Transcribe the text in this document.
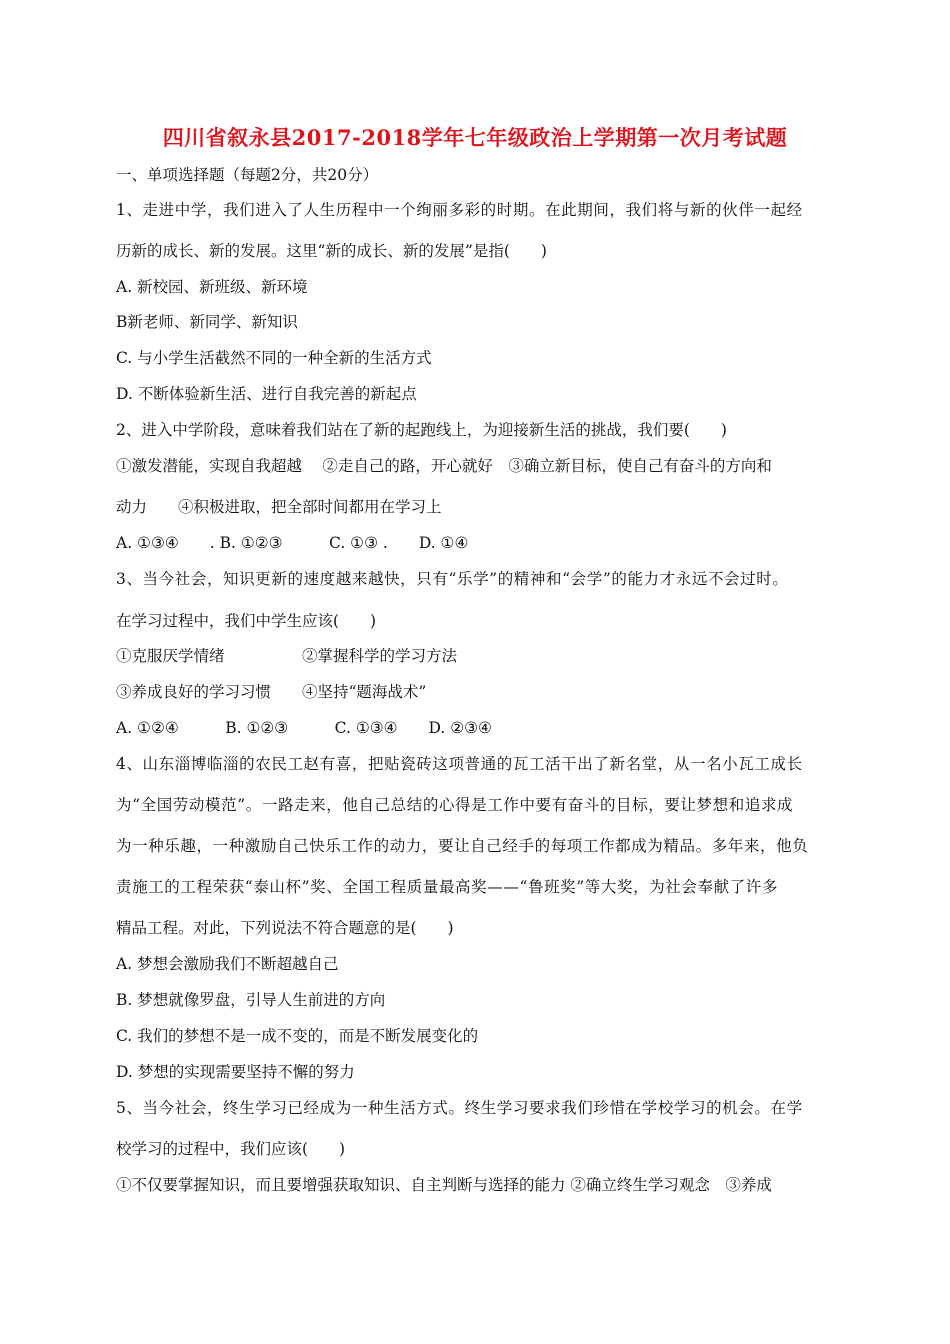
四川省叙永县2017-2018学年七年级政治上学期第一次月考试题
一、单项选择题（每题2分，共20分）
1、走进中学，我们进入了人生历程中一个绚丽多彩的时期。在此期间，我们将与新的伙伴一起经
历新的成长、新的发展。这里“新的成长、新的发展”是指(　　)
A. 新校园、新班级、新环境
B新老师、新同学、新知识
C. 与小学生活截然不同的一种全新的生活方式
D. 不断体验新生活、进行自我完善的新起点
2、进入中学阶段，意味着我们站在了新的起跑线上，为迎接新生活的挑战，我们要(　　)
①激发潜能，实现自我超越　 ②走自己的路，开心就好　③确立新目标，使自己有奋斗的方向和
动力　　④积极进取，把全部时间都用在学习上
A. ①③④　　. B. ①②③　　　C. ①③ .　　D. ①④
3、当今社会，知识更新的速度越来越快，只有“乐学”的精神和“会学”的能力才永远不会过时。
在学习过程中，我们中学生应该(　　)
①克服厌学情绪　　　　　②掌握科学的学习方法
③养成良好的学习习惯　　④坚持“题海战术”
A. ①②④　　　B. ①②③　　　C. ①③④　　D. ②③④
4、山东淄博临淄的农民工赵有喜，把贴瓷砖这项普通的瓦工活干出了新名堂，从一名小瓦工成长
为“全国劳动模范”。一路走来，他自己总结的心得是工作中要有奋斗的目标，要让梦想和追求成
为一种乐趣，一种激励自己快乐工作的动力，要让自己经手的每项工作都成为精品。多年来，他负
责施工的工程荣获“泰山杯”奖、全国工程质量最高奖——“鲁班奖”等大奖，为社会奉献了许多
精品工程。对此，下列说法不符合题意的是(　　)
A. 梦想会激励我们不断超越自己
B. 梦想就像罗盘，引导人生前进的方向
C. 我们的梦想不是一成不变的，而是不断发展变化的
D. 梦想的实现需要坚持不懈的努力
5、当今社会，终生学习已经成为一种生活方式。终生学习要求我们珍惜在学校学习的机会。在学
校学习的过程中，我们应该(　　)
①不仅要掌握知识，而且要增强获取知识、自主判断与选择的能力 ②确立终生学习观念　③养成
